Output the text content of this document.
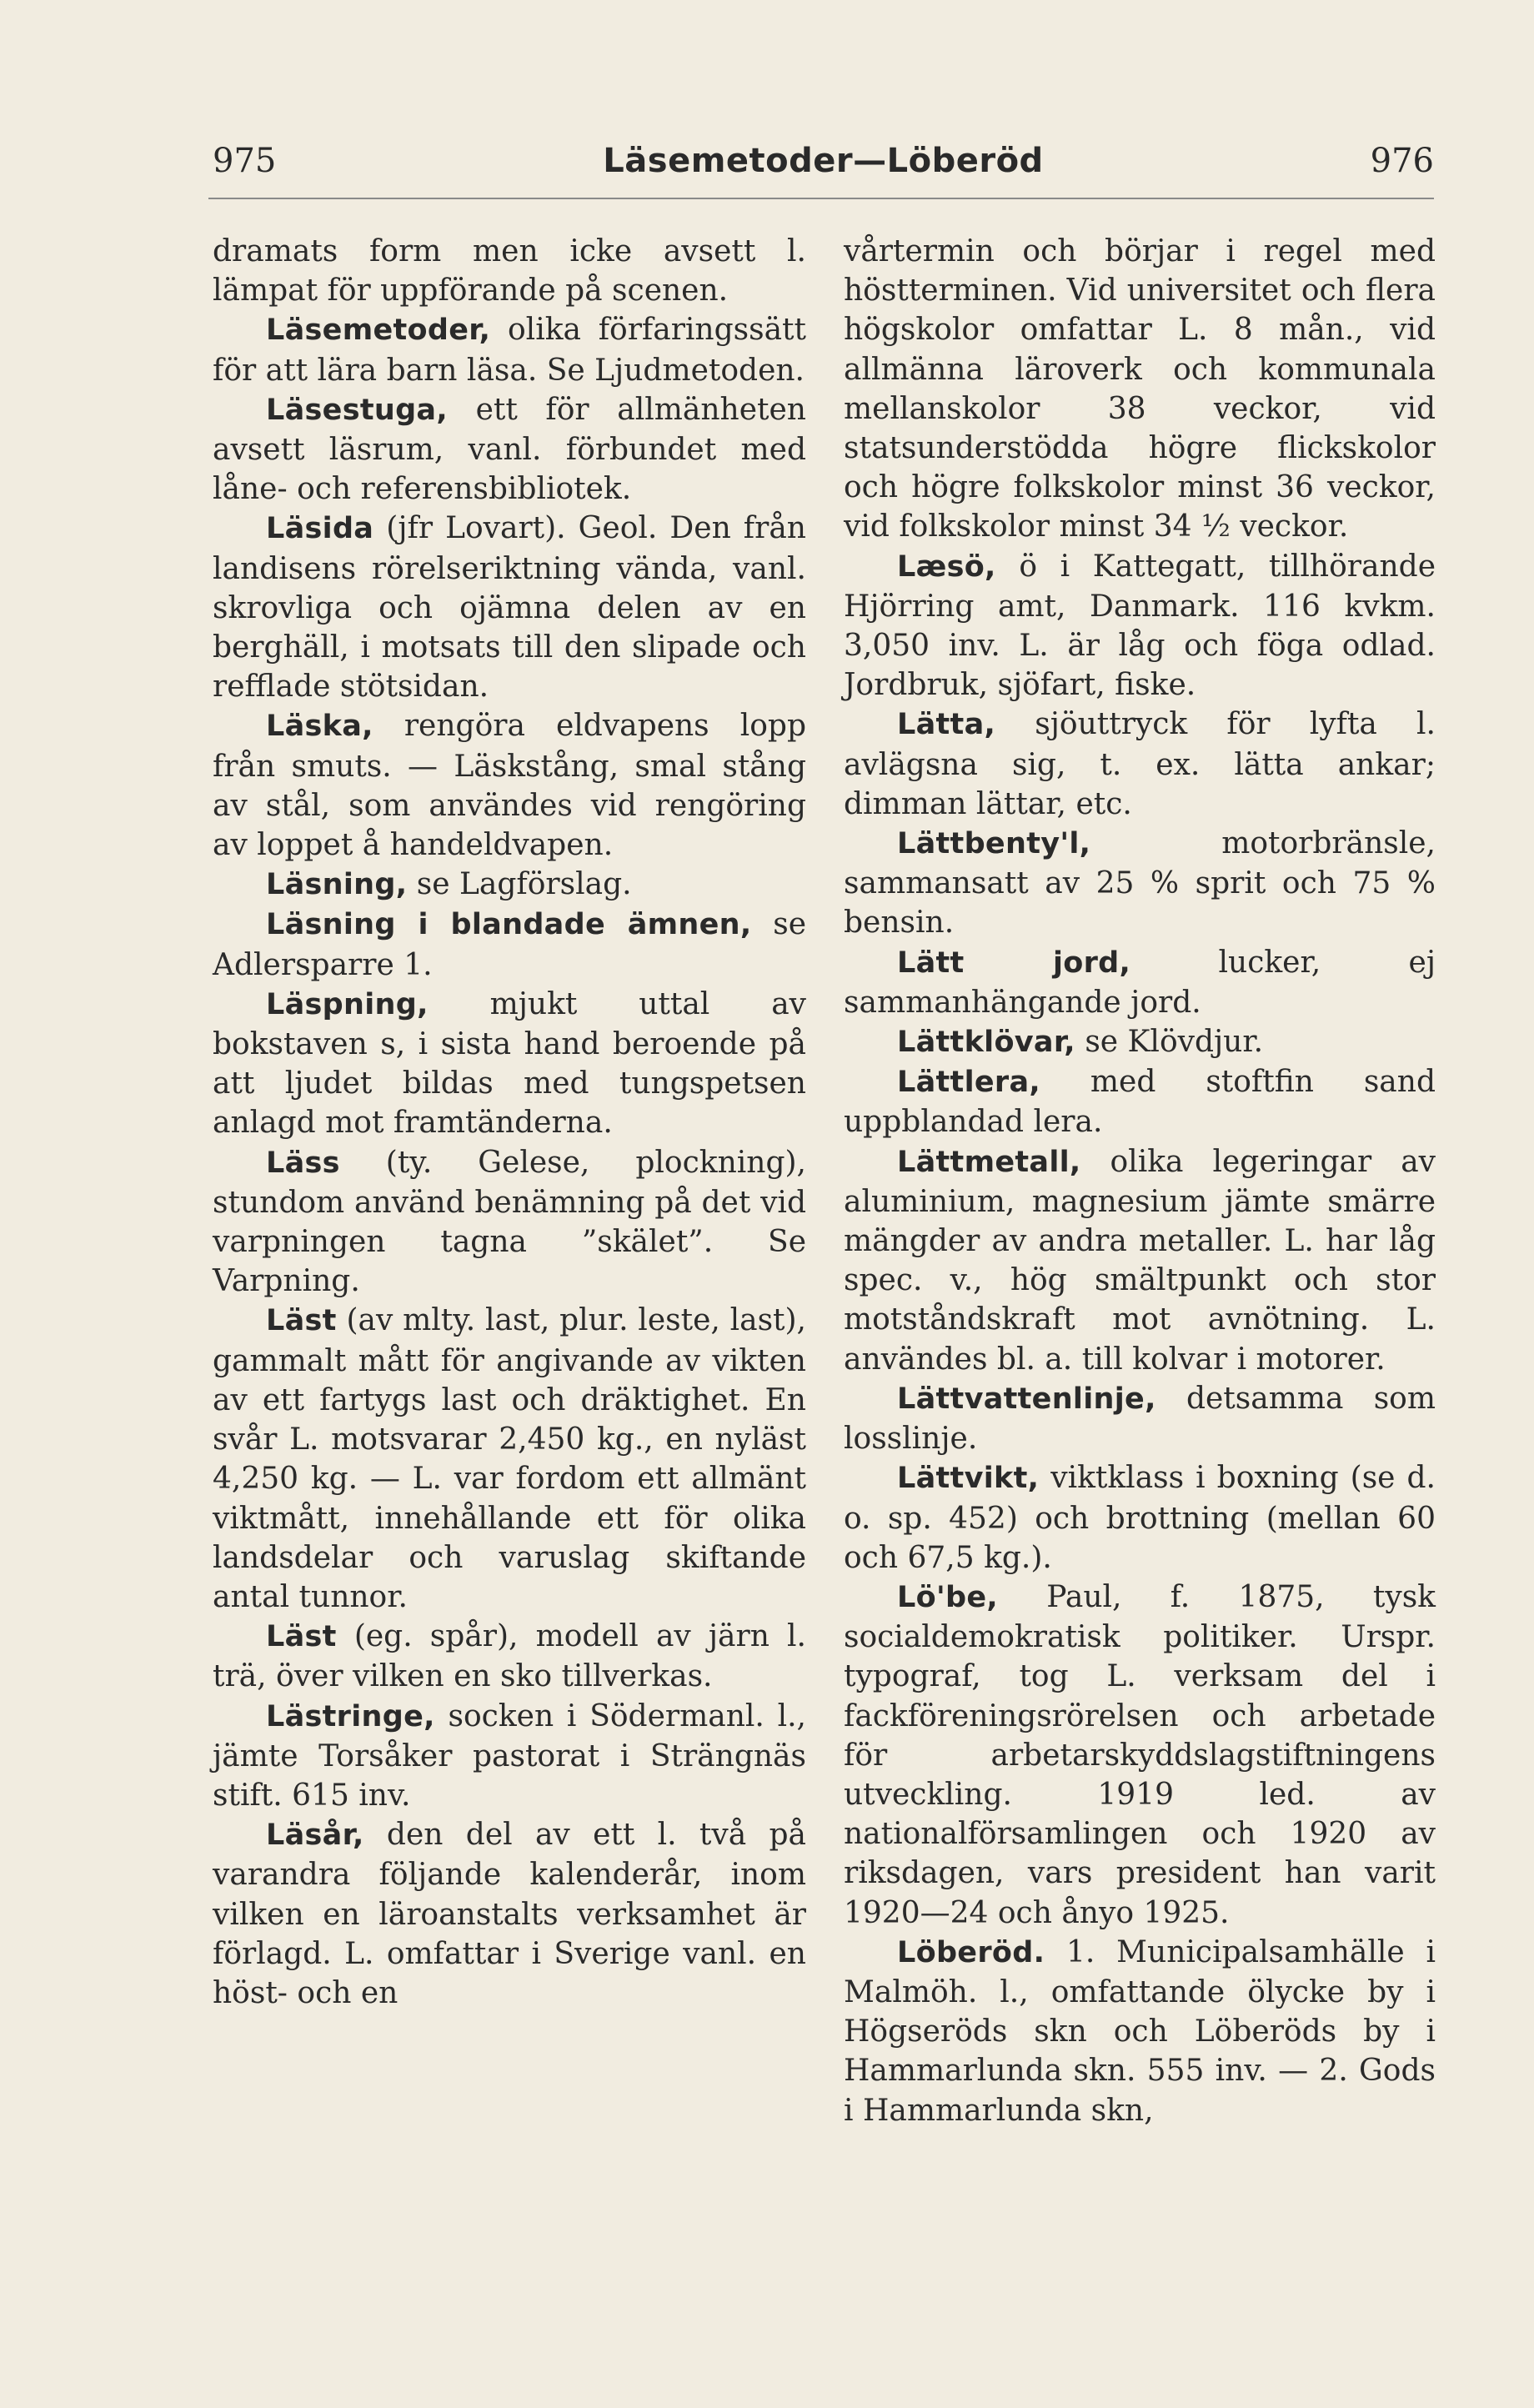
975	Läsemetoder—Löberöd	976

dramats form men icke avsett l. lämpat för uppförande på scenen.

Läsemetoder, olika förfaringssätt för att lära barn läsa. Se Ljudmetoden.

Läsestuga, ett för allmänheten avsett läsrum, vanl. förbundet med låne- och referensbibliotek.

Läsida (jfr Lovart). Geol. Den från landisens rörelseriktning vända, vanl. skrovliga och ojämna delen av en berghäll, i motsats till den slipade och refflade stötsidan.

Läska, rengöra eldvapens lopp från smuts. — Läskstång, smal stång av stål, som användes vid rengöring av loppet å handeldvapen.

Läsning, se Lagförslag.

Läsning i blandade ämnen, se Adlersparre 1.

Läspning, mjukt uttal av bokstaven s, i sista hand beroende på att ljudet bildas med tungspetsen anlagd mot framtänderna.

Läss (ty. Gelese, plockning), stundom använd benämning på det vid varpningen tagna ”skälet”. Se Varpning.

Läst (av mlty. last, plur. leste, last), gammalt mått för angivande av vikten av ett fartygs last och dräktighet. En svår L. motsvarar 2,450 kg., en nyläst 4,250 kg. — L. var fordom ett allmänt viktmått, innehållande ett för olika landsdelar och varuslag skiftande antal tunnor.

Läst (eg. spår), modell av järn l. trä, över vilken en sko tillverkas.

Lästringe, socken i Södermanl. l., jämte Torsåker pastorat i Strängnäs stift. 615 inv.

Läsår, den del av ett l. två på varandra följande kalenderår, inom vilken en läroanstalts verksamhet är förlagd. L. omfattar i Sverige vanl. en höst- och en

vårtermin och börjar i regel med höstterminen. Vid universitet och flera högskolor omfattar L. 8 mån., vid allmänna läroverk och kommunala mellanskolor 38 veckor, vid statsunderstödda högre flickskolor och högre folkskolor minst 36 veckor, vid folkskolor minst 34 ½ veckor.

Læsö, ö i Kattegatt, tillhörande Hjörring amt, Danmark. 116 kvkm. 3,050 inv. L. är låg och föga odlad. Jordbruk, sjöfart, fiske.

Lätta, sjöuttryck för lyfta l. avlägsna sig, t. ex. lätta ankar; dimman lättar, etc.

Lättbenty'l,	motorbränsle, sammansatt av 25 % sprit och 75 % bensin.

Lätt jord,	lucker, ej sammanhängande jord.

Lättklövar, se Klövdjur.

Lättlera, med stoftfin sand uppblandad lera.

Lättmetall, olika legeringar av aluminium, magnesium jämte smärre mängder av andra metaller. L. har låg spec. v., hög smältpunkt och stor motståndskraft mot avnötning. L. användes bl. a. till kolvar i motorer.

Lättvattenlinje, detsamma som losslinje.

Lättvikt, viktklass i boxning (se d. o. sp. 452) och brottning (mellan 60 och 67,5 kg.).

Lö'be, Paul, f. 1875, tysk socialdemokratisk politiker. Urspr. typograf, tog L. verksam del i fackföreningsrörelsen och arbetade för arbetarskyddslagstiftningens utveckling. 1919 led. av nationalförsamlingen och 1920 av riksdagen, vars president han varit 1920—24 och ånyo 1925.

Löberöd. 1. Municipalsamhälle i Malmöh. l., omfattande ölycke by i Högseröds skn och Löberöds by i Hammarlunda skn. 555 inv. — 2. Gods i Hammarlunda skn,
